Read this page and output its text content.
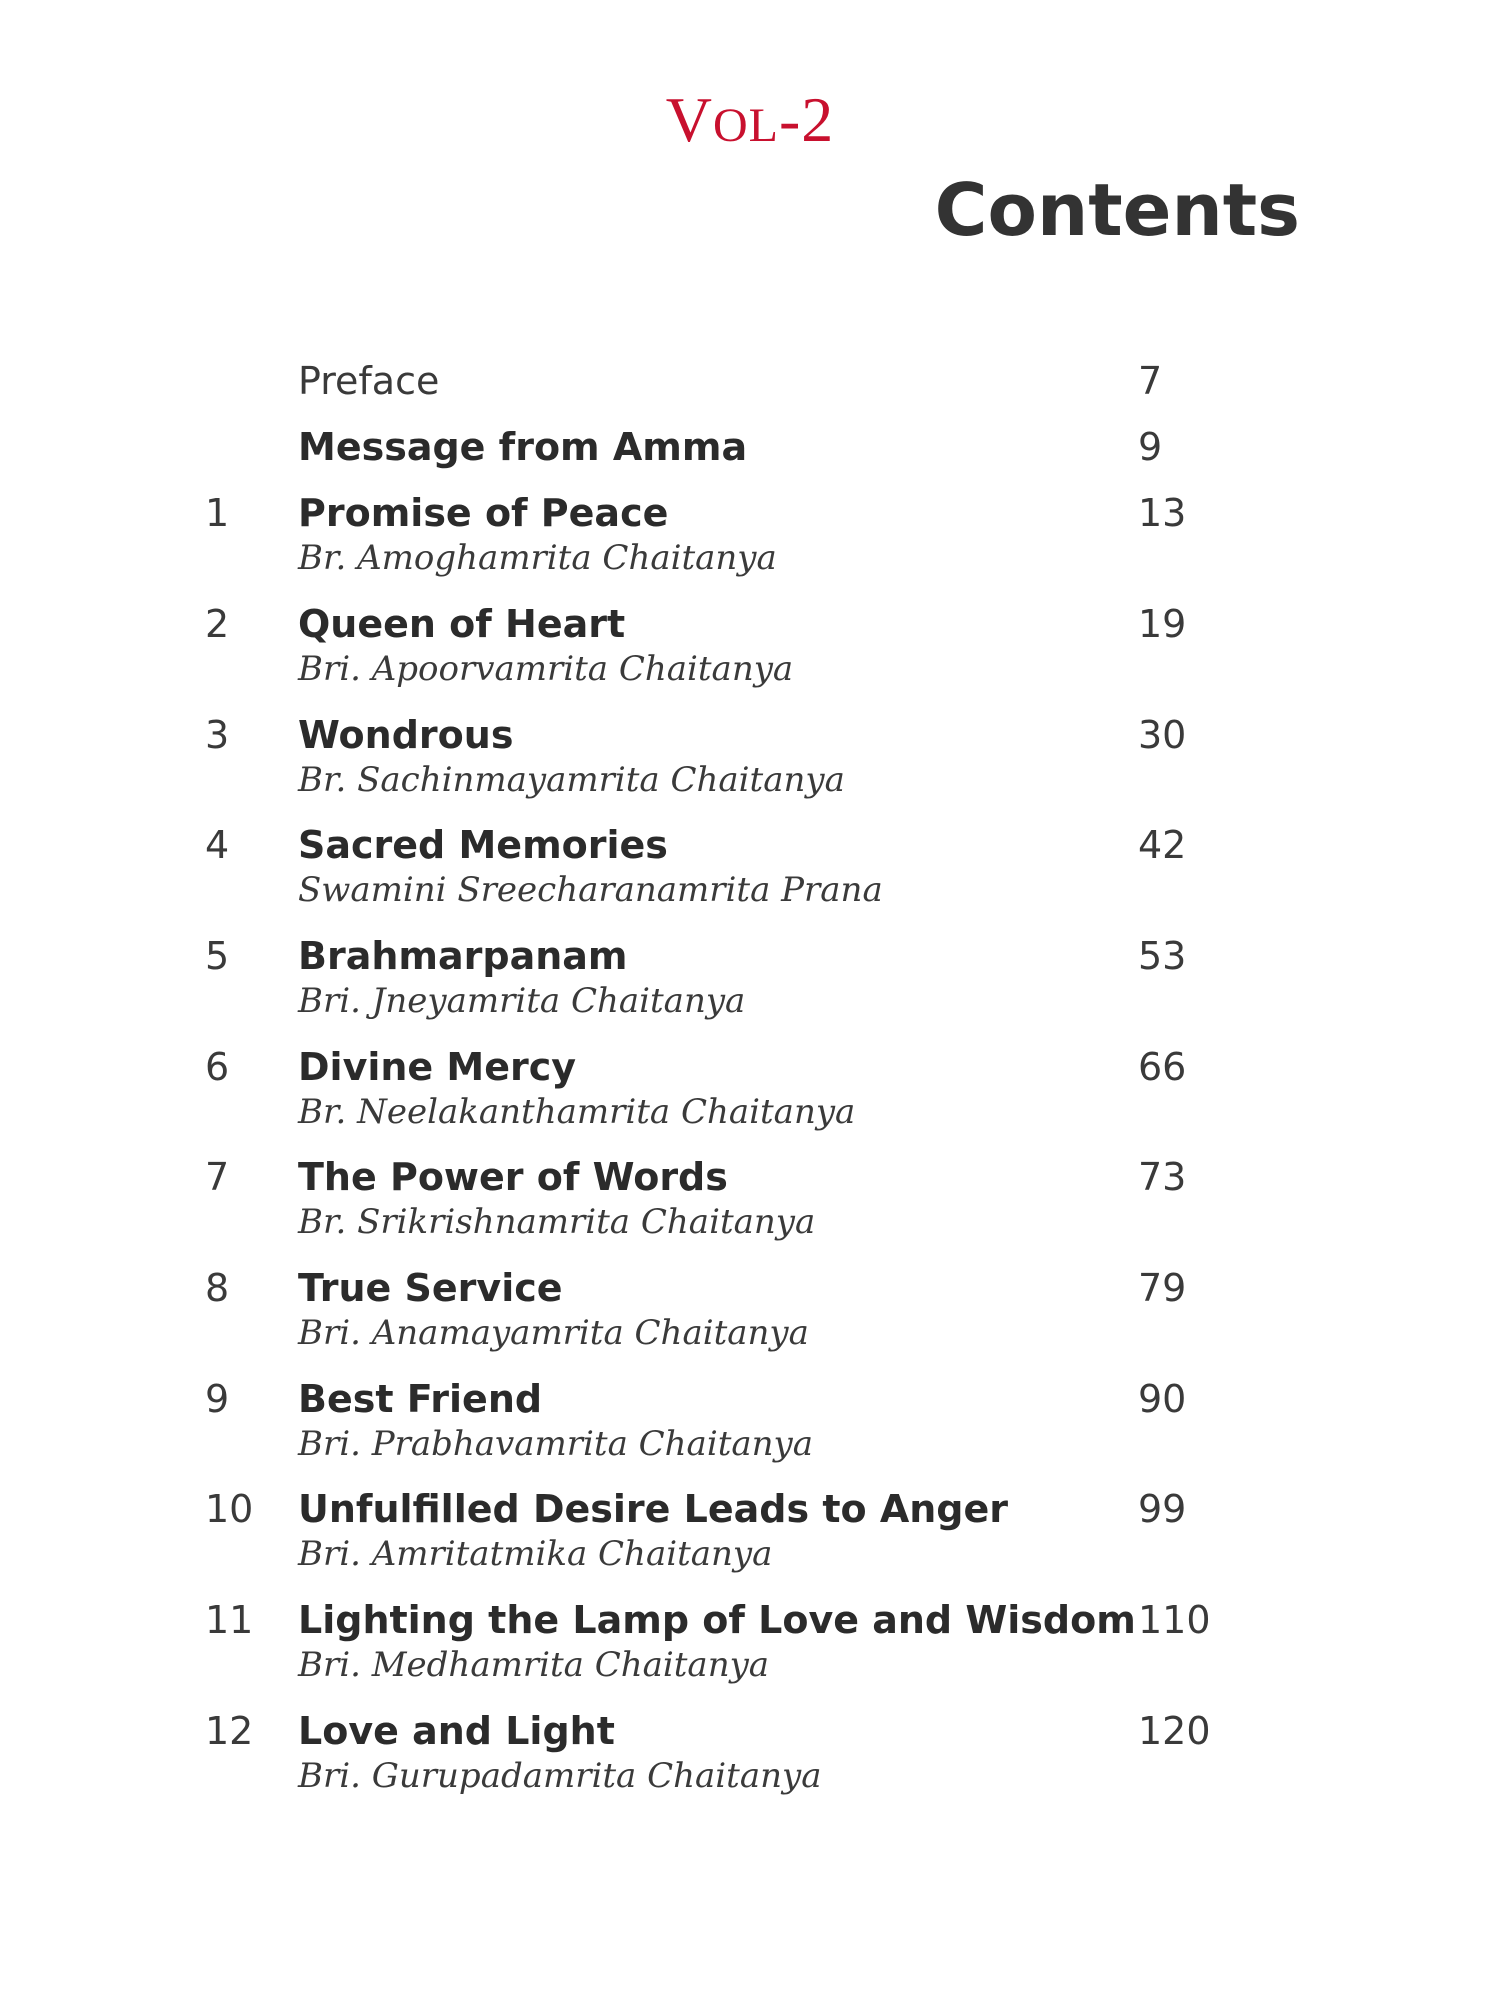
VOL-2
Contents
Preface	7
Message from Amma	9
1 Promise of Peace
Br. Amoghamrita Chaitanya
13
2 Queen of Heart
Bri. Apoorvamrita Chaitanya
19
3 Wondrous
Br. Sachinmayamrita Chaitanya
30
4 Sacred Memories
Swamini Sreecharanamrita Prana
42
5 Brahmarpanam
Bri. Jneyamrita Chaitanya
53
6 Divine Mercy
Br. Neelakanthamrita Chaitanya
66
7 The Power of Words
Br. Srikrishnamrita Chaitanya
73
8 True Service
Bri. Anamayamrita Chaitanya
79
9 Best Friend
Bri. Prabhavamrita Chaitanya
90
10 Unfulfilled Desire Leads to Anger
Bri. Amritatmika Chaitanya
99
11 Lighting the Lamp of Love and Wisdom
Bri. Medhamrita Chaitanya
110
12 Love and Light
Bri. Gurupadamrita Chaitanya
120
